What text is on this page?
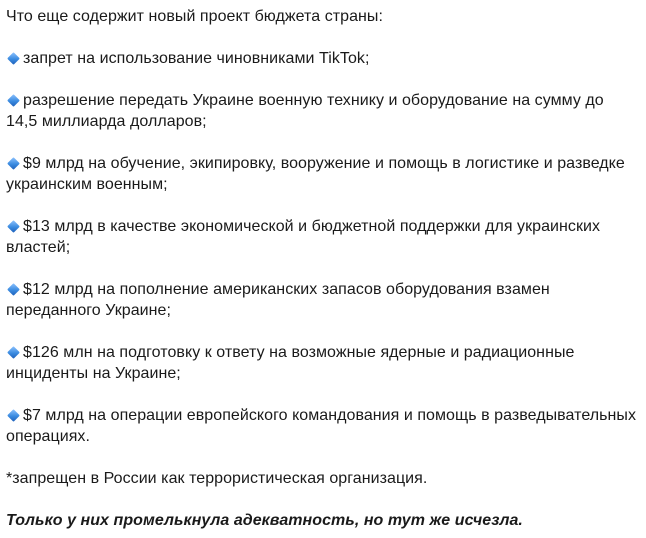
Что еще содержит новый проект бюджета страны:

запрет на использование чиновниками TikTok;

разрешение передать Украине военную технику и оборудование на сумму до 14,5 миллиарда долларов;

$9 млрд на обучение, экипировку, вооружение и помощь в логистике и разведке украинским военным;

$13 млрд в качестве экономической и бюджетной поддержки для украинских властей;

$12 млрд на пополнение американских запасов оборудования взамен переданного Украине;

$126 млн на подготовку к ответу на возможные ядерные и радиационные инциденты на Украине;

$7 млрд на операции европейского командования и помощь в разведывательных операциях.

*запрещен в России как террористическая организация.

Только у них промелькнула адекватность, но тут же исчезла.
